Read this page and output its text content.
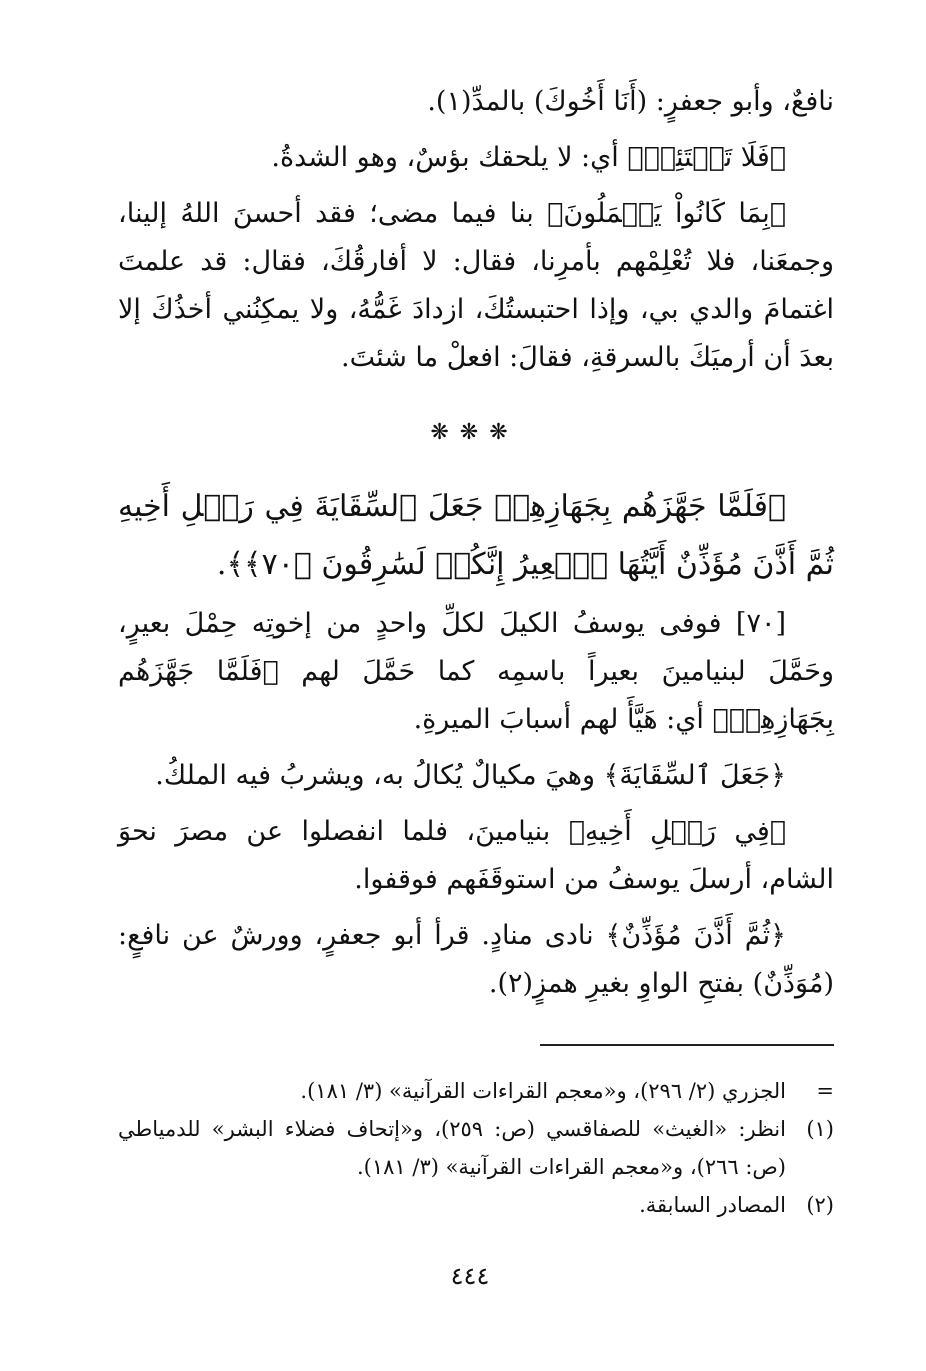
نافعٌ، وأبو جعفرٍ: (أَنَا أَخُوكَ) بالمدِّ(١).

﴿فَلَا تَبۡتَئِسۡ﴾ أي: لا يلحقك بؤسٌ، وهو الشدةُ.

﴿بِمَا كَانُواْ يَعۡمَلُونَ﴾ بنا فيما مضى؛ فقد أحسنَ اللهُ إلينا، وجمعَنا، فلا تُعْلِمْهم بأمرِنا، فقال: لا أفارقُكَ، فقال: قد علمتَ اغتمامَ والدي بي، وإذا احتبستُكَ، ازدادَ غَمُّهُ، ولا يمكِنُني أخذُكَ إلا بعدَ أن أرميَكَ بالسرقةِ، فقالَ: افعلْ ما شئتَ.

❋ ❋ ❋
﴿فَلَمَّا جَهَّزَهُم بِجَهَازِهِمۡ جَعَلَ ٱلسِّقَايَةَ فِي رَحۡلِ أَخِيهِ ثُمَّ أَذَّنَ مُؤَذِّنٌ أَيَّتُهَا ٱلۡعِيرُ إِنَّكُمۡ لَسَٰرِقُونَ ﴿٧٠﴾﴾.

[٧٠] فوفى يوسفُ الكيلَ لكلِّ واحدٍ من إخوتِه حِمْلَ بعيرٍ، وحَمَّلَ لبنيامينَ بعيراً باسمِه كما حَمَّلَ لهم ﴿فَلَمَّا جَهَّزَهُم بِجَهَازِهِمۡ﴾ أي: هَيَّأَ لهم أسبابَ الميرةِ.

﴿جَعَلَ ٱلسِّقَايَةَ﴾ وهيَ مكيالٌ يُكالُ به، ويشربُ فيه الملكُ.

﴿فِي رَحۡلِ أَخِيهِ﴾ بنيامينَ، فلما انفصلوا عن مصرَ نحوَ الشام، أرسلَ يوسفُ من استوقَفَهم فوقفوا.

﴿ثُمَّ أَذَّنَ مُؤَذِّنٌ﴾ نادى منادٍ. قرأ أبو جعفرٍ، وورشٌ عن نافعٍ: (مُوَذِّنٌ) بفتحِ الواوِ بغيرِ همزٍ(٢).

=
الجزري (٢/ ٢٩٦)، و«معجم القراءات القرآنية» (٣/ ١٨١).
(١)
انظر: «الغيث» للصفاقسي (ص: ٢٥٩)، و«إتحاف فضلاء البشر» للدمياطي (ص: ٢٦٦)، و«معجم القراءات القرآنية» (٣/ ١٨١).
(٢)
المصادر السابقة.
٤٤٤
